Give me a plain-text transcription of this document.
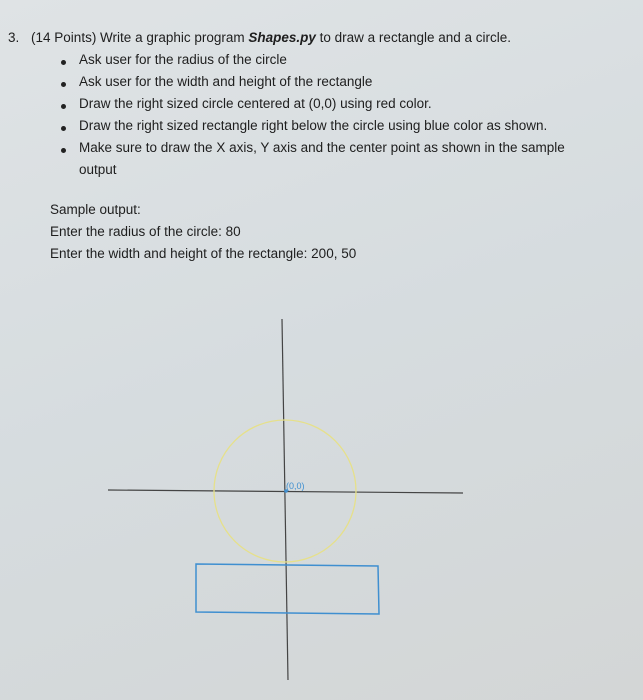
3. (14 Points) Write a graphic program Shapes.py to draw a rectangle and a circle.
Ask user for the radius of the circle
Ask user for the width and height of the rectangle
Draw the right sized circle centered at (0,0) using red color.
Draw the right sized rectangle right below the circle using blue color as shown.
Make sure to draw the X axis, Y axis and the center point as shown in the sample
output
Sample output:
Enter the radius of the circle: 80
Enter the width and height of the rectangle: 200, 50
(0,0)
